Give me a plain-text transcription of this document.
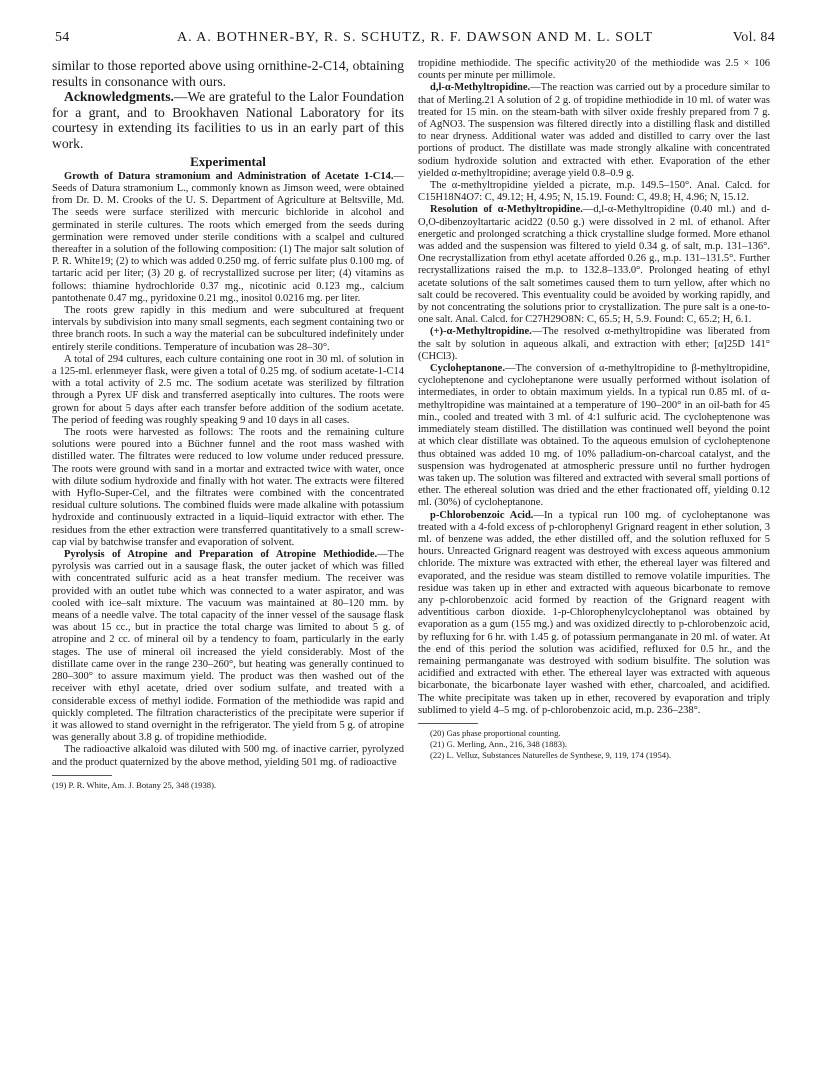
54	A. A. BOTHNER-BY, R. S. SCHUTZ, R. F. DAWSON AND M. L. SOLT	Vol. 84

similar to those reported above using ornithine-2-C14, obtaining results in consonance with ours.

Acknowledgments.—We are grateful to the Lalor Foundation for a grant, and to Brookhaven National Laboratory for its courtesy in extending its facilities to us in an early part of this work.

Experimental

Growth of Datura stramonium and Administration of Acetate 1-C14.—Seeds of Datura stramonium L., commonly known as Jimson weed, were obtained from Dr. D. M. Crooks of the U. S. Department of Agriculture at Beltsville, Md. The seeds were surface sterilized with mercuric bichloride in alcohol and germinated in sterile cultures. The roots which emerged from the seeds during germination were removed under sterile conditions with a scalpel and cultured thereafter in a solution of the following composition: (1) The major salt solution of P. R. White19; (2) to which was added 0.250 mg. of ferric sulfate plus 0.100 mg. of tartaric acid per liter; (3) 20 g. of recrystallized sucrose per liter; (4) vitamins as follows: thiamine hydrochloride 0.37 mg., nicotinic acid 0.123 mg., calcium pantothenate 0.47 mg., pyridoxine 0.21 mg., inositol 0.0216 mg. per liter.

The roots grew rapidly in this medium and were subcultured at frequent intervals by subdivision into many small segments, each segment containing two or three branch roots. In such a way the material can be subcultured indefinitely under entirely sterile conditions. Temperature of incubation was 28–30°.

A total of 294 cultures, each culture containing one root in 30 ml. of solution in a 125-ml. erlenmeyer flask, were given a total of 0.25 mg. of sodium acetate-1-C14 with a total activity of 2.5 mc. The sodium acetate was sterilized by filtration through a Pyrex UF disk and transferred aseptically into cultures. The roots were grown for about 5 days after each transfer before addition of the sodium acetate. The period of feeding was roughly speaking 9 and 10 days in all cases.

The roots were harvested as follows: The roots and the remaining culture solutions were poured into a Büchner funnel and the root mass washed with distilled water. The filtrates were reduced to low volume under reduced pressure. The roots were ground with sand in a mortar and extracted twice with water, once with dilute sodium hydroxide and finally with hot water. The extracts were filtered with Hyflo-Super-Cel, and the filtrates were combined with the concentrated residual culture solutions. The combined fluids were made alkaline with potassium hydroxide and continuously extracted in a liquid–liquid extractor with ether. The residues from the ether extraction were transferred quantitatively to a small screw-cap vial by batchwise transfer and evaporation of solvent.

Pyrolysis of Atropine and Preparation of Atropine Methiodide.—The pyrolysis was carried out in a sausage flask, the outer jacket of which was filled with concentrated sulfuric acid as a heat transfer medium. The receiver was provided with an outlet tube which was connected to a water aspirator, and was cooled with ice–salt mixture. The vacuum was maintained at 80–120 mm. by means of a needle valve. The total capacity of the inner vessel of the sausage flask was about 15 cc., but in practice the total charge was limited to about 5 g. of atropine and 2 cc. of mineral oil by a tendency to foam, particularly in the early stages. The use of mineral oil increased the yield considerably. Most of the distillate came over in the range 230–260°, but heating was generally continued to 280–300° to assure maximum yield. The product was then washed out of the receiver with ethyl acetate, dried over sodium sulfate, and treated with a considerable excess of methyl iodide. Formation of the methiodide was rapid and quickly completed. The filtration characteristics of the precipitate were superior if it was allowed to stand overnight in the refrigerator. The yield from 5 g. of atropine was generally about 3.8 g. of tropidine methiodide.

The radioactive alkaloid was diluted with 500 mg. of inactive carrier, pyrolyzed and the product quaternized by the above method, yielding 501 mg. of radioactive

(19) P. R. White, Am. J. Botany 25, 348 (1938).

tropidine methiodide. The specific activity20 of the methiodide was 2.5 × 106 counts per minute per millimole.

d,l-α-Methyltropidine.—The reaction was carried out by a procedure similar to that of Merling.21 A solution of 2 g. of tropidine methiodide in 10 ml. of water was treated for 15 min. on the steam-bath with silver oxide freshly prepared from 7 g. of AgNO3. The suspension was filtered directly into a distilling flask and distilled to near dryness. Additional water was added and distilled to carry over the last portions of product. The distillate was made strongly alkaline with concentrated sodium hydroxide solution and extracted with ether. Evaporation of the ether yielded α-methyltropidine; average yield 0.8–0.9 g.

The α-methyltropidine yielded a picrate, m.p. 149.5–150°. Anal. Calcd. for C15H18N4O7: C, 49.12; H, 4.95; N, 15.19. Found: C, 49.8; H, 4.96; N, 15.12.

Resolution of α-Methyltropidine.—d,l-α-Methyltropidine (0.40 ml.) and d-O,O-dibenzoyltartaric acid22 (0.50 g.) were dissolved in 2 ml. of ethanol. After energetic and prolonged scratching a thick crystalline sludge formed. More ethanol was added and the suspension was filtered to yield 0.34 g. of salt, m.p. 131–136°. One recrystallization from ethyl acetate afforded 0.26 g., m.p. 131–131.5°. Further recrystallizations raised the m.p. to 132.8–133.0°. Prolonged heating of ethyl acetate solutions of the salt sometimes caused them to turn yellow, after which no salt could be recovered. This eventuality could be avoided by working rapidly, and by not concentrating the solutions prior to crystallization. The pure salt is a one-to-one salt. Anal. Calcd. for C27H29O8N: C, 65.5; H, 5.9. Found: C, 65.2; H, 6.1.

(+)-α-Methyltropidine.—The resolved α-methyltropidine was liberated from the salt by solution in aqueous alkali, and extraction with ether; [α]25D 141° (CHCl3).

Cycloheptanone.—The conversion of α-methyltropidine to β-methyltropidine, cycloheptenone and cycloheptanone were usually performed without isolation of intermediates, in order to obtain maximum yields. In a typical run 0.85 ml. of α-methyltropidine was maintained at a temperature of 190–200° in an oil-bath for 45 min., cooled and treated with 3 ml. of 4:1 sulfuric acid. The cycloheptenone was immediately steam distilled. The distillation was continued well beyond the point at which clear distillate was obtained. To the aqueous emulsion of cycloheptenone thus obtained was added 10 mg. of 10% palladium-on-charcoal catalyst, and the suspension was hydrogenated at atmospheric pressure until no further hydrogen was taken up. The solution was filtered and extracted with several small portions of ether. The ethereal solution was dried and the ether fractionated off, yielding 0.12 ml. (30%) of cycloheptanone.

p-Chlorobenzoic Acid.—In a typical run 100 mg. of cycloheptanone was treated with a 4-fold excess of p-chlorophenyl Grignard reagent in ether solution, 3 ml. of benzene was added, the ether distilled off, and the solution refluxed for 5 hours. Unreacted Grignard reagent was destroyed with excess aqueous ammonium chloride. The mixture was extracted with ether, the ethereal layer was filtered and evaporated, and the residue was steam distilled to remove volatile impurities. The residue was taken up in ether and extracted with aqueous bicarbonate to remove any p-chlorobenzoic acid formed by reaction of the Grignard reagent with adventitious carbon dioxide. 1-p-Chlorophenylcycloheptanol was obtained by evaporation as a gum (155 mg.) and was oxidized directly to p-chlorobenzoic acid, by refluxing for 6 hr. with 1.45 g. of potassium permanganate in 20 ml. of water. At the end of this period the solution was acidified, refluxed for 0.5 hr., and the remaining permanganate was destroyed with sodium bisulfite. The solution was acidified and extracted with ether. The ethereal layer was extracted with aqueous bicarbonate, the bicarbonate layer washed with ether, charcoaled, and acidified. The white precipitate was taken up in ether, recovered by evaporation and triply sublimed to yield 4–5 mg. of p-chlorobenzoic acid, m.p. 236–238°.

(20) Gas phase proportional counting.

(21) G. Merling, Ann., 216, 348 (1883).

(22) L. Velluz, Substances Naturelles de Synthese, 9, 119, 174 (1954).
